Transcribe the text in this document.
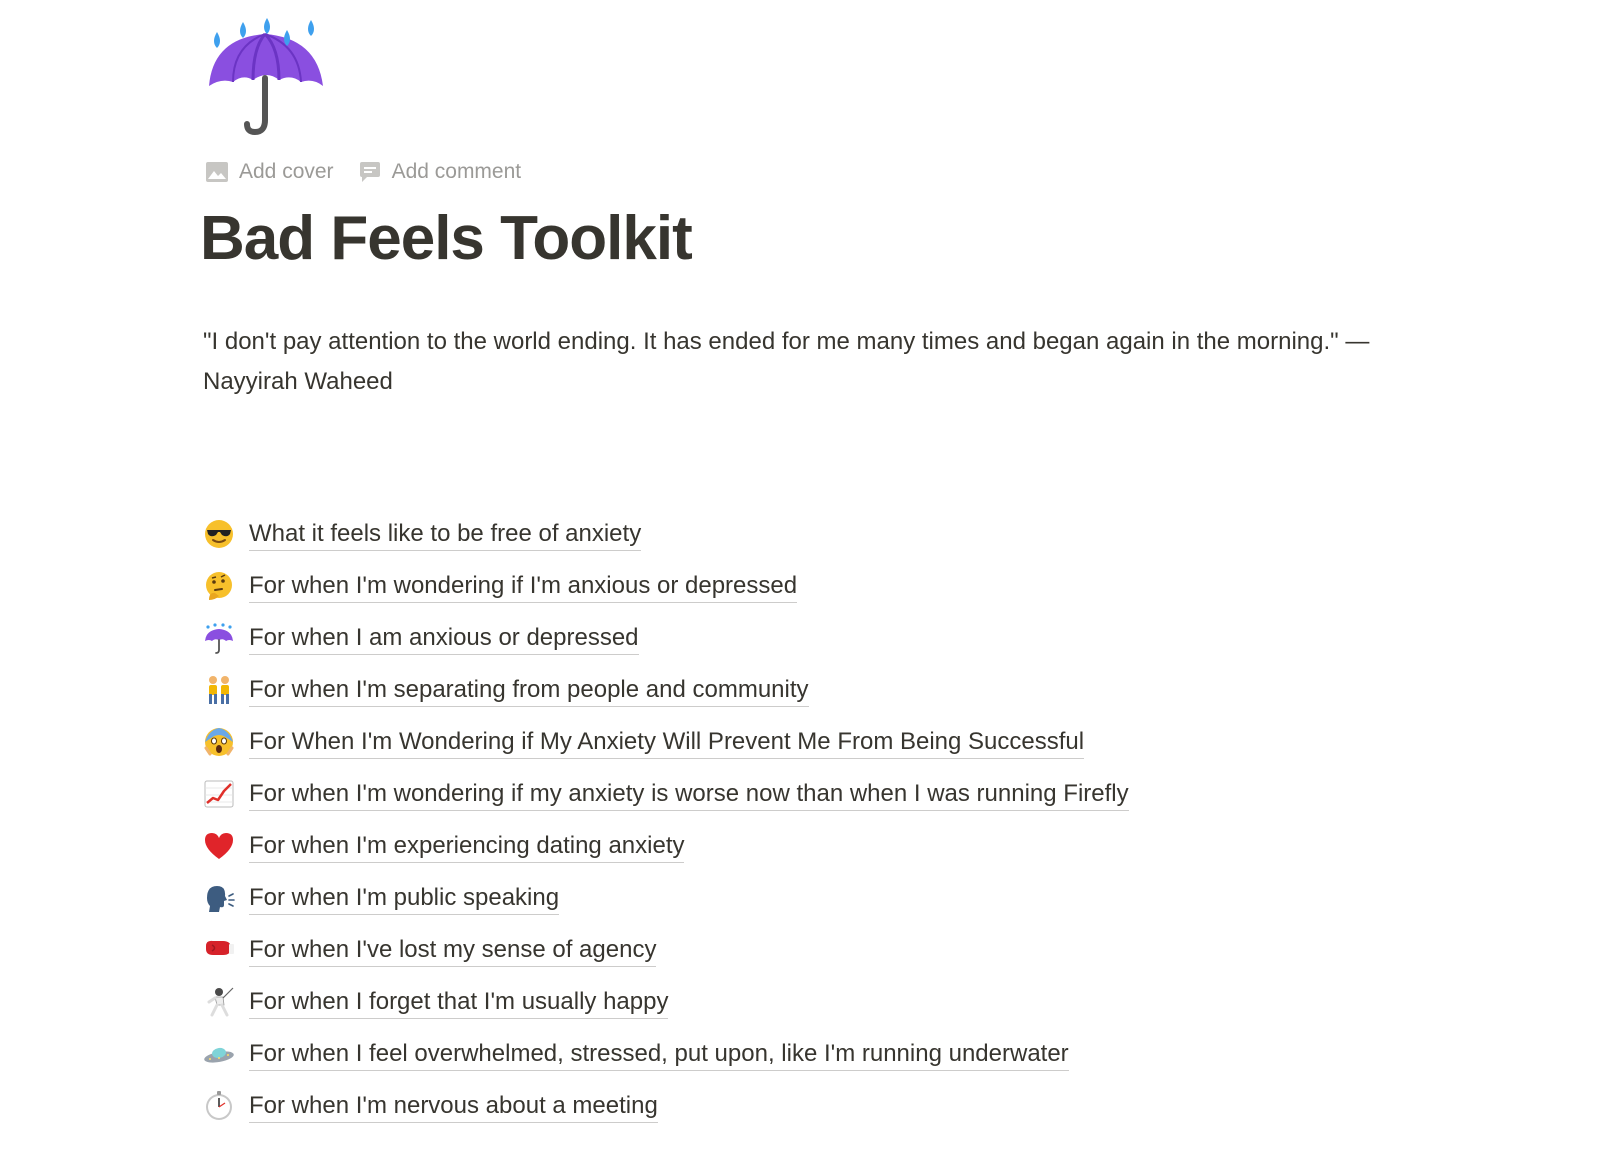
Add cover	Add comment
Bad Feels Toolkit

"I don't pay attention to the world ending. It has ended for me many times and began again in the morning." — Nayyirah Waheed

What it feels like to be free of anxiety
For when I'm wondering if I'm anxious or depressed
For when I am anxious or depressed
For when I'm separating from people and community
For When I'm Wondering if My Anxiety Will Prevent Me From Being Successful
For when I'm wondering if my anxiety is worse now than when I was running Firefly
For when I'm experiencing dating anxiety
For when I'm public speaking
For when I've lost my sense of agency
For when I forget that I'm usually happy
For when I feel overwhelmed, stressed, put upon, like I'm running underwater
For when I'm nervous about a meeting
